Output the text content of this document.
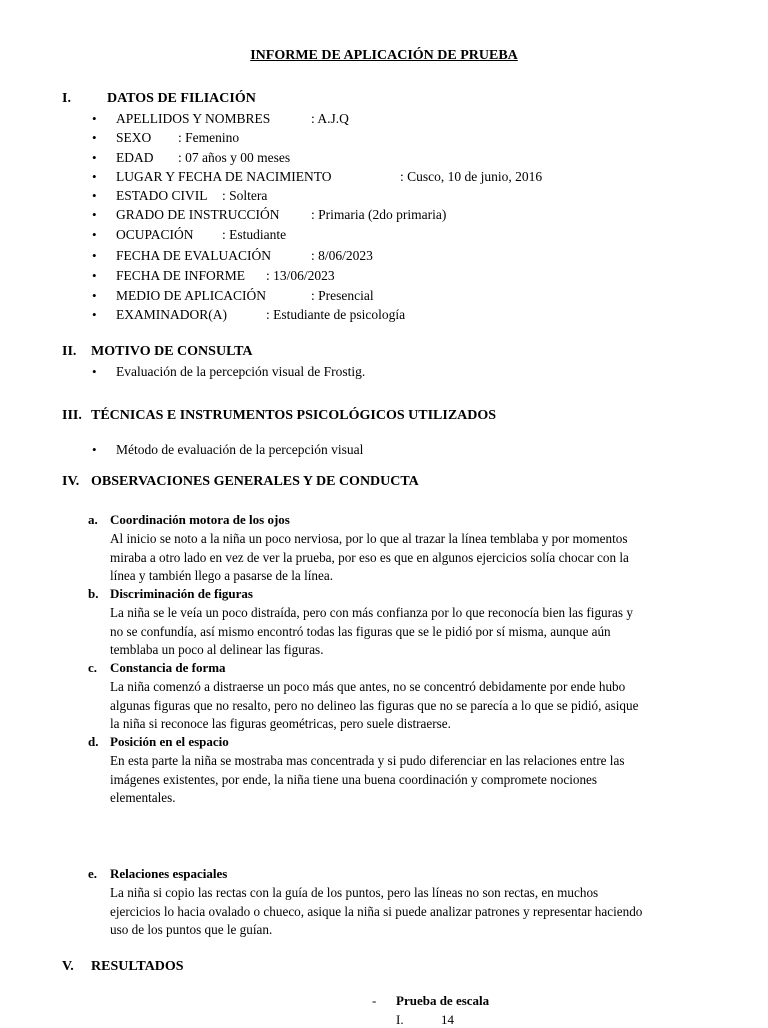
INFORME DE APLICACIÓN DE PRUEBA
I.	DATOS DE FILIACIÓN
• APELLIDOS Y NOMBRES	: A.J.Q
• SEXO : Femenino
• EDAD : 07 años y 00 meses
• LUGAR Y FECHA DE NACIMIENTO	: Cusco, 10 de junio, 2016
• ESTADO CIVIL : Soltera
• GRADO DE INSTRUCCIÓN : Primaria (2do primaria)
• OCUPACIÓN : Estudiante
• FECHA DE EVALUACIÓN	: 8/06/2023
• FECHA DE INFORME : 13/06/2023
• MEDIO DE APLICACIÓN	: Presencial
• EXAMINADOR(A)	: Estudiante de psicología
II. MOTIVO DE CONSULTA
• Evaluación de la percepción visual de Frostig.
III. TÉCNICAS E INSTRUMENTOS PSICOLÓGICOS UTILIZADOS
• Método de evaluación de la percepción visual
IV. OBSERVACIONES GENERALES Y DE CONDUCTA
a. Coordinación motora de los ojos
Al inicio se noto a la niña un poco nerviosa, por lo que al trazar la línea temblaba y por momentos
miraba a otro lado en vez de ver la prueba, por eso es que en algunos ejercicios solía chocar con la
línea y también llego a pasarse de la línea.
b. Discriminación de figuras
La niña se le veía un poco distraída, pero con más confianza por lo que reconocía bien las figuras y
no se confundía, así mismo encontró todas las figuras que se le pidió por sí misma, aunque aún
temblaba un poco al delinear las figuras.
c. Constancia de forma
La niña comenzó a distraerse un poco más que antes, no se concentró debidamente por ende hubo
algunas figuras que no resalto, pero no delineo las figuras que no se parecía a lo que se pidió, asique
la niña si reconoce las figuras geométricas, pero suele distraerse.
d. Posición en el espacio
En esta parte la niña se mostraba mas concentrada y si pudo diferenciar en las relaciones entre las
imágenes existentes, por ende, la niña tiene una buena coordinación y compromete nociones
elementales.
e. Relaciones espaciales
La niña si copio las rectas con la guía de los puntos, pero las líneas no son rectas, en muchos
ejercicios lo hacia ovalado o chueco, asique la niña si puede analizar patrones y representar haciendo
uso de los puntos que le guían.
V. RESULTADOS
- Prueba de escala
I.	14
